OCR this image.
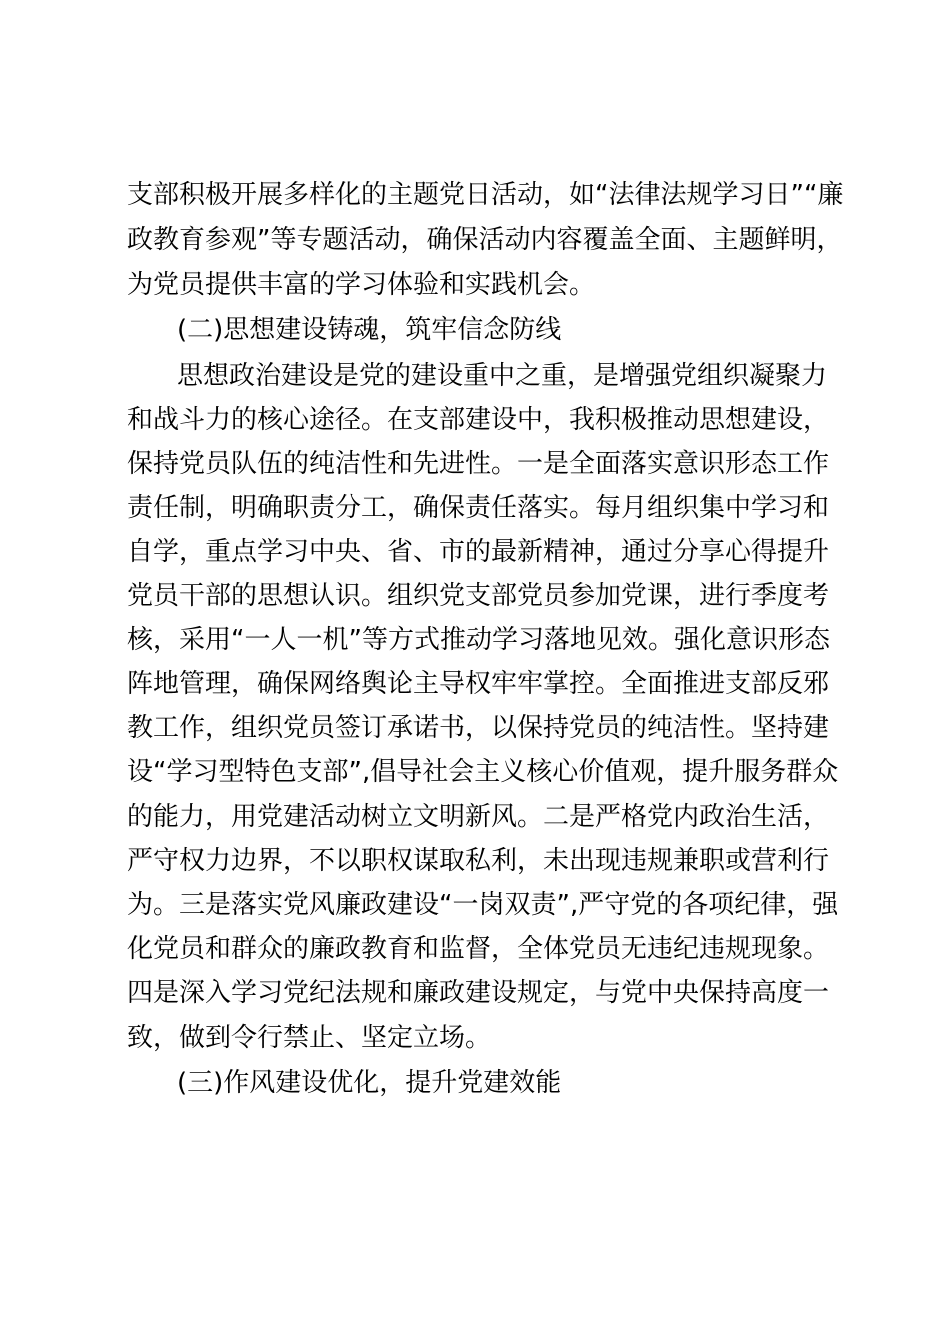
支部积极开展多样化的主题党日活动，如“法律法规学习日”“廉
政教育参观”等专题活动，确保活动内容覆盖全面、主题鲜明，
为党员提供丰富的学习体验和实践机会。
(二)思想建设铸魂，筑牢信念防线
思想政治建设是党的建设重中之重，是增强党组织凝聚力
和战斗力的核心途径。在支部建设中，我积极推动思想建设，
保持党员队伍的纯洁性和先进性。一是全面落实意识形态工作
责任制，明确职责分工，确保责任落实。每月组织集中学习和
自学，重点学习中央、省、市的最新精神，通过分享心得提升
党员干部的思想认识。组织党支部党员参加党课，进行季度考
核，采用“一人一机”等方式推动学习落地见效。强化意识形态
阵地管理，确保网络舆论主导权牢牢掌控。全面推进支部反邪
教工作，组织党员签订承诺书，以保持党员的纯洁性。坚持建
设“学习型特色支部”,倡导社会主义核心价值观，提升服务群众
的能力，用党建活动树立文明新风。二是严格党内政治生活，
严守权力边界，不以职权谋取私利，未出现违规兼职或营利行
为。三是落实党风廉政建设“一岗双责”,严守党的各项纪律，强
化党员和群众的廉政教育和监督，全体党员无违纪违规现象。
四是深入学习党纪法规和廉政建设规定，与党中央保持高度一
致，做到令行禁止、坚定立场。
(三)作风建设优化，提升党建效能
